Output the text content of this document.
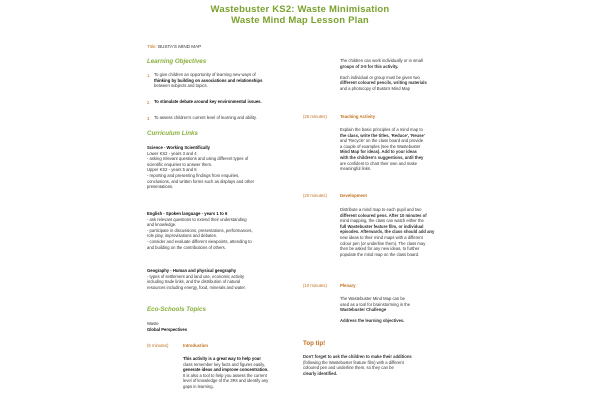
Wastebuster KS2: Waste Minimisation
Waste Mind Map Lesson Plan
Title: BUSTA'S MIND MAP
Learning Objectives
1. To give children an opportunity of learning new ways of
thinking by building on associations and relationships
between subjects and topics.
2. To stimulate debate around key environmental issues.
3. To assess children's current level of learning and ability.
Curriculum Links
Science - Working Scientifically
Lower KS2 - years 3 and 4
- asking relevant questions and using different types of
scientific enquiries to answer them.
Upper KS2 - years 5 and 6
- reporting and presenting findings from enquiries,
conclusions, and written forms such as displays and other
presentations.
English - Spoken language - years 1 to 6
- ask relevant questions to extend their understanding
and knowledge.
- participate in discussions, presentations, performances,
role play, improvisations and debates.
- consider and evaluate different viewpoints, attending to
and building on the contributions of others.
Geography - Human and physical geography
- types of settlement and land use, economic activity
including trade links, and the distribution of natural
resources including energy, food, minerals and water.
Eco-Schools Topics
Waste
Global Perspectives
(5 minutes)	Introduction
This activity is a great way to help your
class remember key facts and figures easily,
generate ideas and improve concentration.
It is also a tool to help you assess the current
level of knowledge of the 3Rs and identify any
gaps in learning.
The children can work individually or in small
groups of 3-5 for this activity.

Each individual or group must be given two
different coloured pencils, writing materials
and a photocopy of Busta's Mind Map
(25 minutes)	Teaching Activity
Explain the basic principles of a mind map to
the class, write the titles, 'Reduce', 'Reuse'
and 'Recycle' on the class board and provide
a couple of examples (see the Wastebuster
Mind Map for ideas). Add to your ideas
with the children's suggestions, until they
are confident to chart their own and make
meaningful links.
(20 minutes)	Development
Distribute a mind map to each pupil and two
different coloured pens. After 10 minutes of
mind mapping, the class can watch either the
full Wastebuster feature film, or individual
episodes. Afterwards, the class should add any
new ideas to their mind maps with a different
colour pen (or underline them). The class may
then be asked for any new ideas, to further
populate the mind map on the class board.
(10 minutes)	Plenary
The Wastebuster Mind Map can be
used as a tool for brainstorming in the
Wastebuster Challenge

Address the learning objectives.
Top tip!
Don't forget to ask the children to make their additions
(following the Wastebuster feature film) with a different
coloured pen and underline them, so they can be
clearly identified.
